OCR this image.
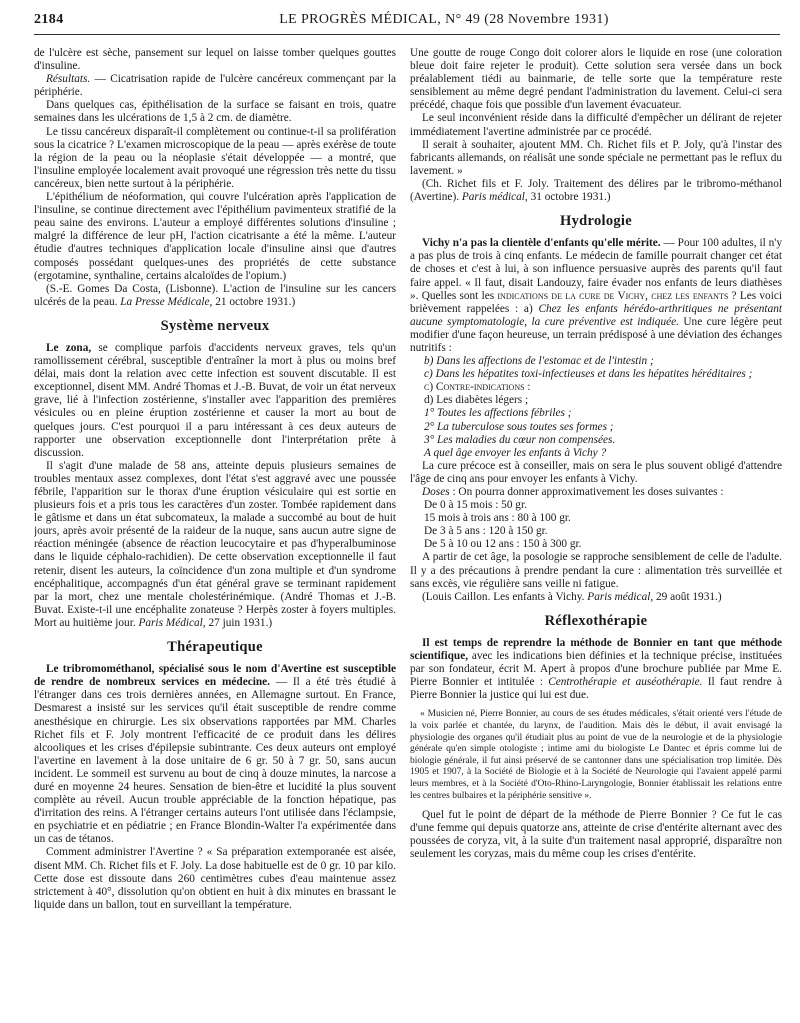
2184	LE PROGRÈS MÉDICAL, N° 49 (28 Novembre 1931)

de l'ulcère est sèche, pansement sur lequel on laisse tomber quelques gouttes d'insuline.

Résultats. — Cicatrisation rapide de l'ulcère cancéreux commençant par la périphérie.

Dans quelques cas, épithélisation de la surface se faisant en trois, quatre semaines dans les ulcérations de 1,5 à 2 cm. de diamètre.

Le tissu cancéreux disparaît-il complètement ou continue-t-il sa prolifération sous la cicatrice ? L'examen microscopique de la peau — après exérèse de toute la région de la peau ou la néoplasie s'était développée — a montré, que l'insuline employée localement avait provoqué une régression très nette du tissu cancéreux, bien nette surtout à la périphérie.

L'épithélium de néoformation, qui couvre l'ulcération après l'application de l'insuline, se continue directement avec l'épithélium pavimenteux stratifié de la peau saine des environs. L'auteur a employé différentes solutions d'insuline ; malgré la différence de leur pH, l'action cicatrisante a été la même. L'auteur étudie d'autres techniques d'application locale d'insuline ainsi que d'autres composés possédant quelques-unes des propriétés de cette substance (ergotamine, synthaline, certains alcaloïdes de l'opium.)

(S.-E. Gomes Da Costa, (Lisbonne). L'action de l'insuline sur les cancers ulcérés de la peau. La Presse Médicale, 21 octobre 1931.)

Système nerveux

Le zona, se complique parfois d'accidents nerveux graves, tels qu'un ramollissement cérébral, susceptible d'entraîner la mort à plus ou moins bref délai, mais dont la relation avec cette infection est souvent discutable. Il est exceptionnel, disent MM. André Thomas et J.-B. Buvat, de voir un état nerveux grave, lié à l'infection zostérienne, s'installer avec l'apparition des premières vésicules ou en pleine éruption zostérienne et causer la mort au bout de quelques jours. C'est pourquoi il a paru intéressant à ces deux auteurs de rapporter une observation exceptionnelle dont l'interprétation prête à discussion.

Il s'agit d'une malade de 58 ans, atteinte depuis plusieurs semaines de troubles mentaux assez complexes, dont l'état s'est aggravé avec une poussée fébrile, l'apparition sur le thorax d'une éruption vésiculaire qui est sortie en plusieurs fois et a pris tous les caractères d'un zoster. Tombée rapidement dans le gâtisme et dans un état subcomateux, la malade a succombé au bout de huit jours, après avoir présenté de la raideur de la nuque, sans aucun autre signe de réaction méningée (absence de réaction leucocytaire et pas d'hyperalbuminose dans le liquide céphalo-rachidien). De cette observation exceptionnelle il faut retenir, disent les auteurs, la coïncidence d'un zona multiple et d'un syndrome encéphalitique, accompagnés d'un état général grave se terminant rapidement par la mort, chez une mentale cholestérinémique. (André Thomas et J.-B. Buvat. Existe-t-il une encéphalite zonateuse ? Herpès zoster à foyers multiples. Mort au huitième jour. Paris Médical, 27 juin 1931.)

Thérapeutique

Le tribromométhanol, spécialisé sous le nom d'Avertine est susceptible de rendre de nombreux services en médecine. — Il a été très étudié à l'étranger dans ces trois dernières années, en Allemagne surtout. En France, Desmarest a insisté sur les services qu'il était susceptible de rendre comme anesthésique en chirurgie. Les six observations rapportées par MM. Charles Richet fils et F. Joly montrent l'efficacité de ce produit dans les délires alcooliques et les crises d'épilepsie subintrante. Ces deux auteurs ont employé l'avertine en lavement à la dose unitaire de 6 gr. 50 à 7 gr. 50, sans aucun incident. Le sommeil est survenu au bout de cinq à douze minutes, la narcose a duré en moyenne 24 heures. Sensation de bien-être et lucidité la plus souvent complète au réveil. Aucun trouble appréciable de la fonction hépatique, pas d'irritation des reins. A l'étranger certains auteurs l'ont utilisée dans l'éclampsie, en psychiatrie et en pédiatrie ; en France Blondin-Walter l'a expérimentée dans un cas de tétanos.

Comment administrer l'Avertine ? « Sa préparation extemporanée est aisée, disent MM. Ch. Richet fils et F. Joly. La dose habituelle est de 0 gr. 10 par kilo. Cette dose est dissoute dans 260 centimètres cubes d'eau maintenue assez strictement à 40°, dissolution qu'on obtient en huit à dix minutes en brassant le liquide dans un ballon, tout en surveillant la température.

Une goutte de rouge Congo doit colorer alors le liquide en rose (une coloration bleue doit faire rejeter le produit). Cette solution sera versée dans un bock préalablement tiédi au bainmarie, de telle sorte que la température reste sensiblement au même degré pendant l'administration du lavement. Celui-ci sera précédé, chaque fois que possible d'un lavement évacuateur.

Le seul inconvénient réside dans la difficulté d'empêcher un délirant de rejeter immédiatement l'avertine administrée par ce procédé.

Il serait à souhaiter, ajoutent MM. Ch. Richet fils et P. Joly, qu'à l'instar des fabricants allemands, on réalisât une sonde spéciale ne permettant pas le reflux du lavement. »

(Ch. Richet fils et F. Joly. Traitement des délires par le tribromo-méthanol (Avertine). Paris médical, 31 octobre 1931.)

Hydrologie

Vichy n'a pas la clientèle d'enfants qu'elle mérite. — Pour 100 adultes, il n'y a pas plus de trois à cinq enfants. Le médecin de famille pourrait changer cet état de choses et c'est à lui, à son influence persuasive auprès des parents qu'il faut faire appel. « Il faut, disait Landouzy, faire évader nos enfants de leurs diathèses ». Quelles sont les indications de la cure de Vichy, chez les enfants ? Les voici brièvement rappelées : a) Chez les enfants hérédo-arthritiques ne présentant aucune symptomatologie, la cure préventive est indiquée. Une cure légère peut modifier d'une façon heureuse, un terrain prédisposé à une déviation des échanges nutritifs :

b) Dans les affections de l'estomac et de l'intestin ;

c) Dans les hépatites toxi-infectieuses et dans les hépatites héréditaires ;

c) Contre-indications :

d) Les diabètes légers ;

1° Toutes les affections fébriles ;

2° La tuberculose sous toutes ses formes ;

3° Les maladies du cœur non compensées.

A quel âge envoyer les enfants à Vichy ?

La cure précoce est à conseiller, mais on sera le plus souvent obligé d'attendre l'âge de cinq ans pour envoyer les enfants à Vichy.

Doses : On pourra donner approximativement les doses suivantes :

De 0 à 15 mois : 50 gr.

15 mois à trois ans : 80 à 100 gr.

De 3 à 5 ans : 120 à 150 gr.

De 5 à 10 ou 12 ans : 150 à 300 gr.

A partir de cet âge, la posologie se rapproche sensiblement de celle de l'adulte. Il y a des précautions à prendre pendant la cure : alimentation très surveillée et sans excès, vie régulière sans veille ni fatigue.

(Louis Caillon. Les enfants à Vichy. Paris médical, 29 août 1931.)

Réflexothérapie

Il est temps de reprendre la méthode de Bonnier en tant que méthode scientifique, avec les indications bien définies et la technique précise, instituées par son fondateur, écrit M. Apert à propos d'une brochure publiée par Mme E. Pierre Bonnier et intitulée : Centrothérapie et auséothérapie. Il faut rendre à Pierre Bonnier la justice qui lui est due.

« Musicien né, Pierre Bonnier, au cours de ses études médicales, s'était orienté vers l'étude de la voix parlée et chantée, du larynx, de l'audition. Mais dès le début, il avait envisagé la physiologie des organes qu'il étudiait plus au point de vue de la neurologie et de la physiologie générale qu'en simple otologiste ; intime ami du biologiste Le Dantec et épris comme lui de biologie générale, il fut ainsi préservé de se cantonner dans une spécialisation trop limitée. Dès 1905 et 1907, à la Société de Biologie et à la Société de Neurologie qui l'avaient appelé parmi leurs membres, et à la Société d'Oto-Rhino-Laryngologie, Bonnier établissait les relations entre les centres bulbaires et la périphérie sensitive ».

Quel fut le point de départ de la méthode de Pierre Bonnier ? Ce fut le cas d'une femme qui depuis quatorze ans, atteinte de crise d'entérite alternant avec des poussées de coryza, vit, à la suite d'un traitement nasal approprié, disparaître non seulement les coryzas, mais du même coup les crises d'entérite.
